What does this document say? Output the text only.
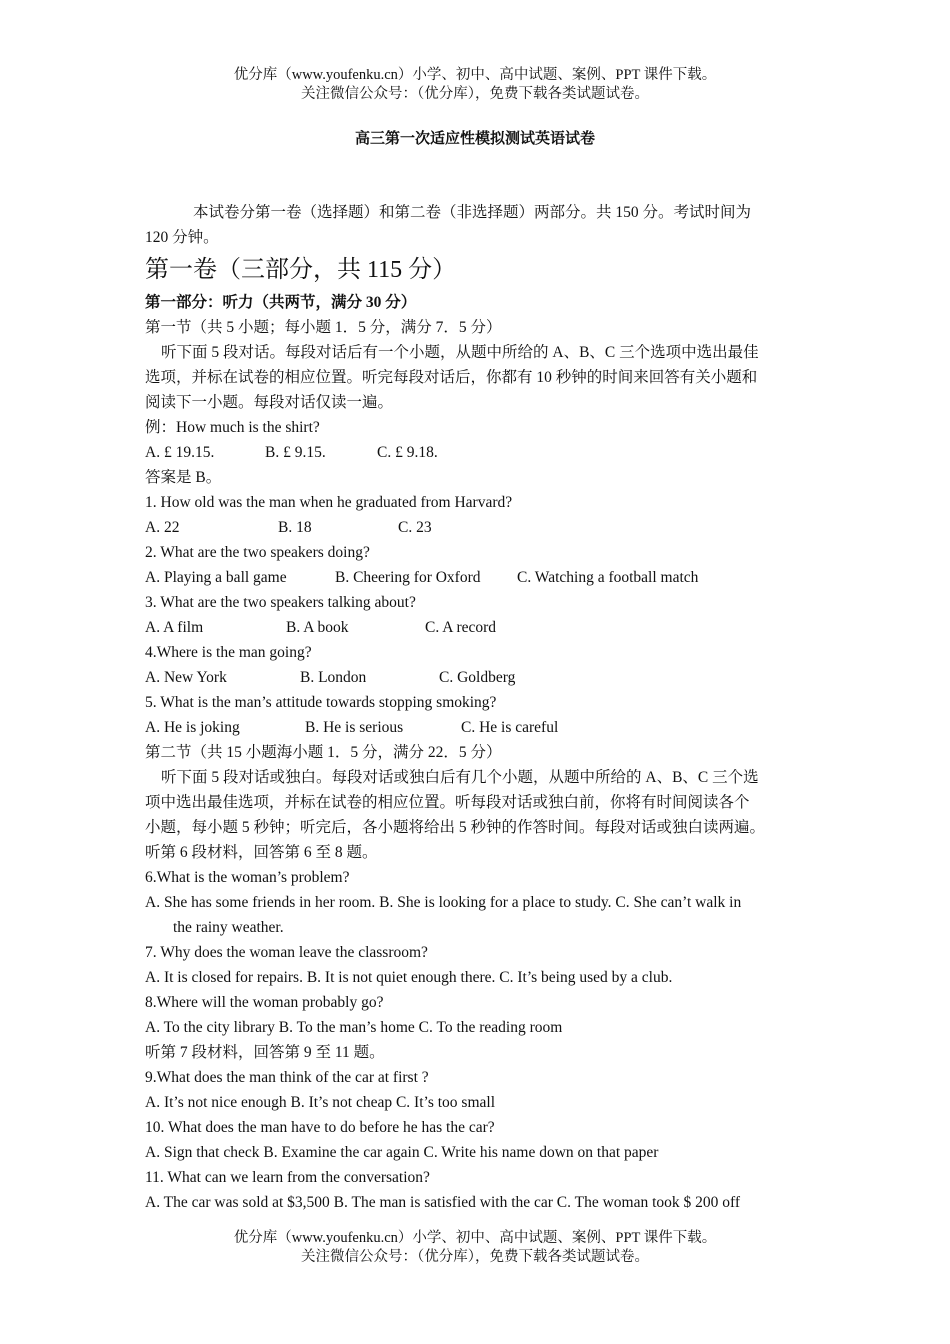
优分库（www.youfenku.cn）小学、初中、高中试题、案例、PPT 课件下载。
关注微信公众号：（优分库），免费下载各类试题试卷。
高三第一次适应性模拟测试英语试卷
本试卷分第一卷（选择题）和第二卷（非选择题）两部分。共 150 分。考试时间为
120 分钟。
第一卷（三部分，共 115 分）
第一部分：听力（共两节，满分 30 分）
第一节（共 5 小题；每小题 1．5 分，满分 7．5 分）
听下面 5 段对话。每段对话后有一个小题，从题中所给的 A、B、C 三个选项中选出最佳
选项，并标在试卷的相应位置。听完每段对话后，你都有 10 秒钟的时间来回答有关小题和
阅读下一小题。每段对话仅读一遍。
例：How much is the shirt?
A. £ 19.15.	B. £ 9.15.	C. £ 9.18.
答案是 B。
1. How old was the man when he graduated from Harvard?
A. 22	B. 18	C. 23
2. What are the two speakers doing?
A. Playing a ball game	B. Cheering for Oxford C. Watching a football match
3. What are the two speakers talking about?
A. A film	B. A book	C. A record
4.Where is the man going?
A. New York	B. London	C. Goldberg
5. What is the man’s attitude towards stopping smoking?
A. He is joking	B. He is serious	C. He is careful
第二节（共 15 小题海小题 1．5 分，满分 22．5 分）
听下面 5 段对话或独白。每段对话或独白后有几个小题，从题中所给的 A、B、C 三个选
项中选出最佳选项，并标在试卷的相应位置。听每段对话或独白前，你将有时间阅读各个
小题，每小题 5 秒钟；听完后，各小题将给出 5 秒钟的作答时间。每段对话或独白读两遍。
听第 6 段材料，回答第 6 至 8 题。
6.What is the woman’s problem?
A. She has some friends in her room. B. She is looking for a place to study. C. She can’t walk in
the rainy weather.
7. Why does the woman leave the classroom?
A. It is closed for repairs. B. It is not quiet enough there. C. It’s being used by a club.
8.Where will the woman probably go?
A. To the city library B. To the man’s home C. To the reading room
听第 7 段材料，回答第 9 至 11 题。
9.What does the man think of the car at first ?
A. It’s not nice enough B. It’s not cheap C. It’s too small
10. What does the man have to do before he has the car?
A. Sign that check B. Examine the car again C. Write his name down on that paper
11. What can we learn from the conversation?
A. The car was sold at $3,500 B. The man is satisfied with the car C. The woman took $ 200 off
优分库（www.youfenku.cn）小学、初中、高中试题、案例、PPT 课件下载。
关注微信公众号：（优分库），免费下载各类试题试卷。
